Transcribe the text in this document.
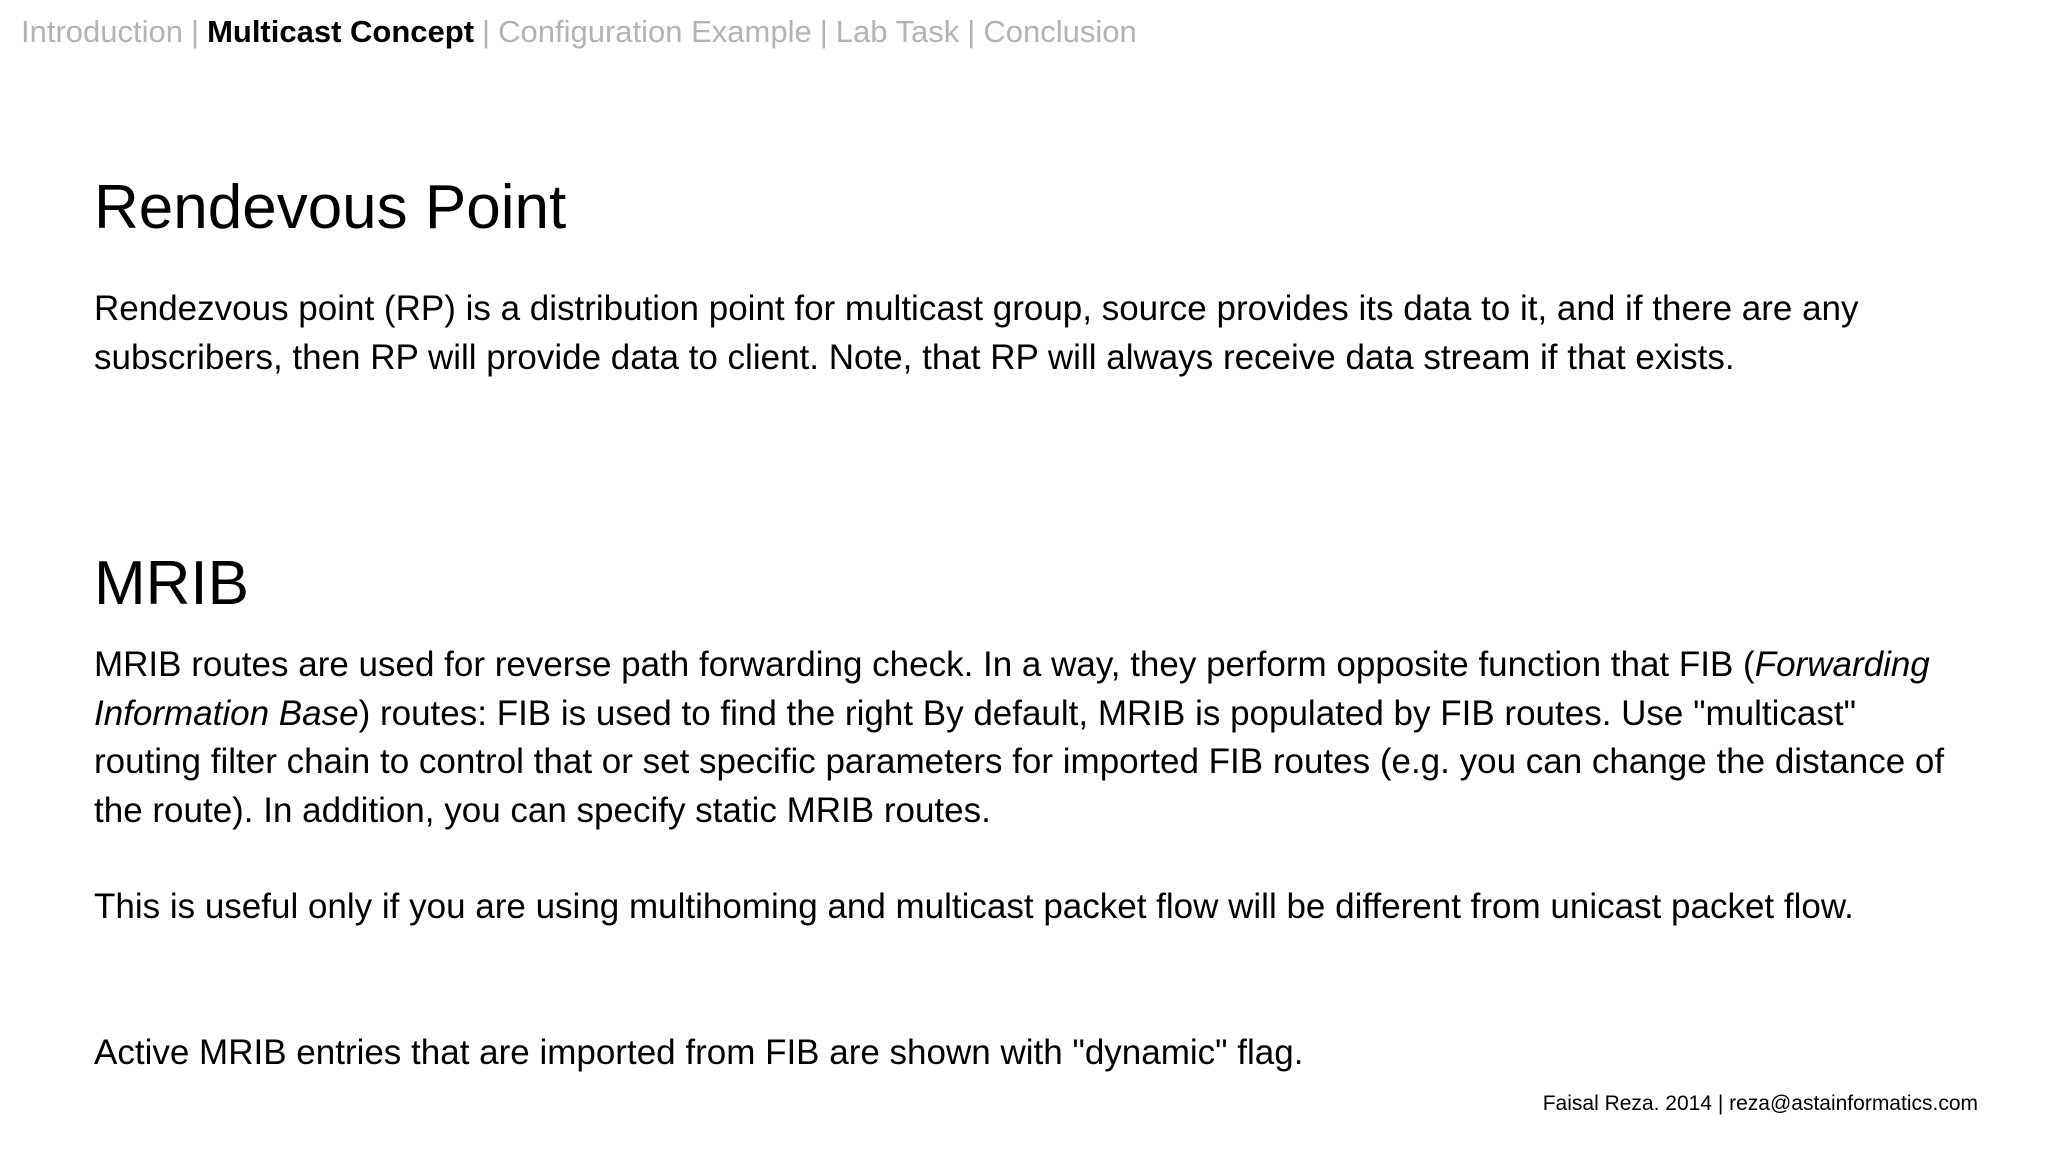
Introduction | Multicast Concept | Configuration Example | Lab Task | Conclusion
Rendevous Point

Rendezvous point (RP) is a distribution point for multicast group, source provides its data to it, and if there are any subscribers, then RP will provide data to client. Note, that RP will always receive data stream if that exists.

MRIB

MRIB routes are used for reverse path forwarding check. In a way, they perform opposite function that FIB (Forwarding Information Base) routes: FIB is used to find the right By default, MRIB is populated by FIB routes. Use "multicast" routing filter chain to control that or set specific parameters for imported FIB routes (e.g. you can change the distance of the route). In addition, you can specify static MRIB routes.

This is useful only if you are using multihoming and multicast packet flow will be different from unicast packet flow.

Active MRIB entries that are imported from FIB are shown with "dynamic" flag.

Faisal Reza. 2014 | reza@astainformatics.com
